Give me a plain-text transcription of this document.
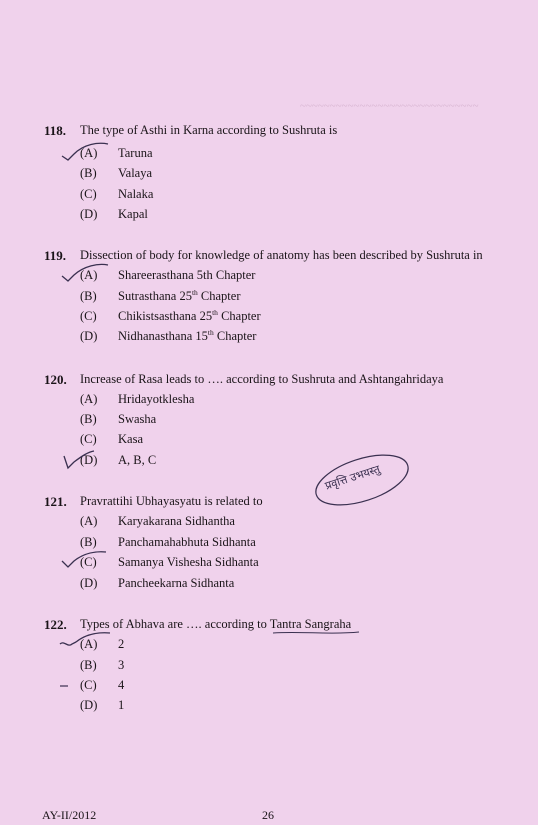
~~~~~~~~~~~~~~~~~~~~~~~~~~~~~~
118. The type of Asthi in Karna according to Sushruta is
(A) Taruna
(B) Valaya
(C) Nalaka
(D) Kapal
119. Dissection of body for knowledge of anatomy has been described by Sushruta in
(A) Shareerasthana 5th Chapter
(B) Sutrasthana 25th Chapter
(C) Chikistsasthana 25th Chapter
(D) Nidhanasthana 15th Chapter
120. Increase of Rasa leads to …. according to Sushruta and Ashtangahridaya
(A) Hridayotklesha
(B) Swasha
(C) Kasa
(D) A, B, C
121. Pravrattihi Ubhayasyatu is related to
(A) Karyakarana Sidhantha
(B) Panchamahabhuta Sidhanta
(C) Samanya Vishesha Sidhanta
(D) Pancheekarna Sidhanta
122. Types of Abhava are …. according to Tantra Sangraha
(A) 2
(B) 3
(C) 4
(D) 1
प्रवृत्ति उभयस्तु
AY-II/2012	26
